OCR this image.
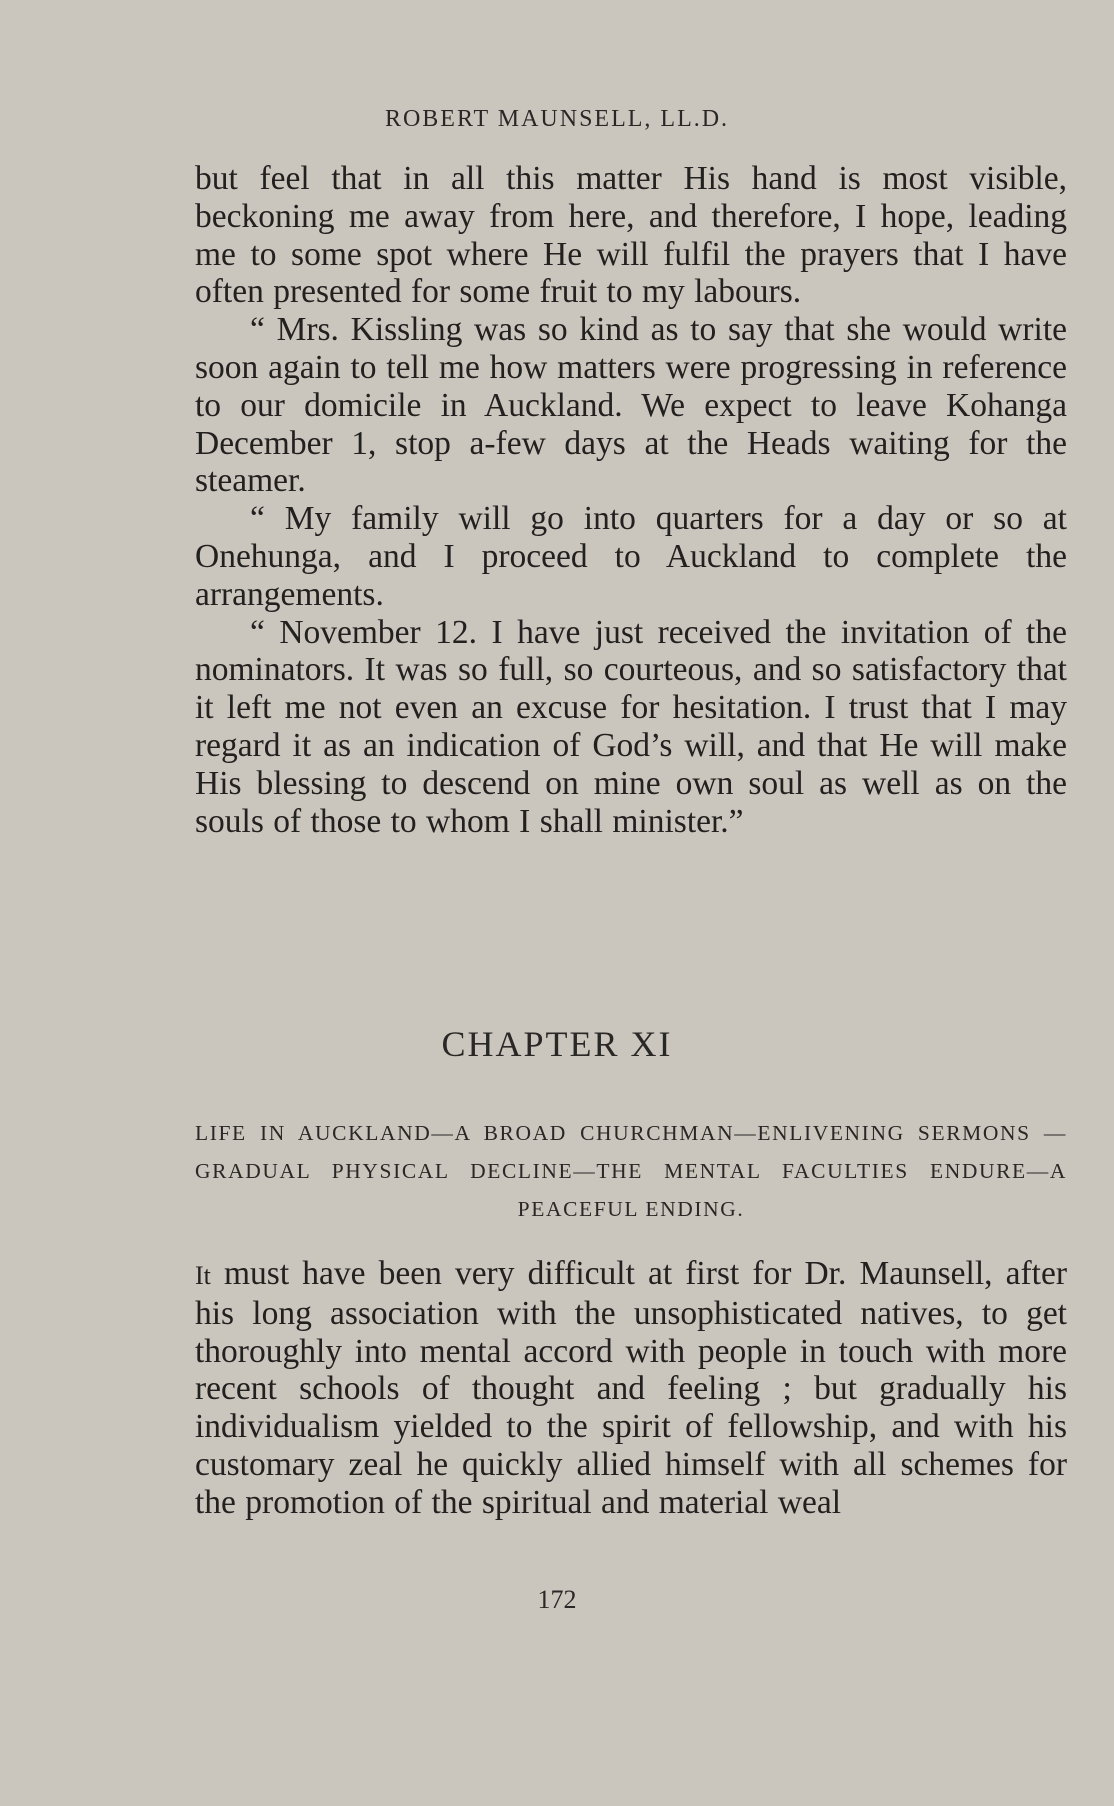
ROBERT MAUNSELL, LL.D.

but feel that in all this matter His hand is most visible, beckoning me away from here, and therefore, I hope, leading me to some spot where He will fulfil the prayers that I have often presented for some fruit to my labours.

“ Mrs. Kissling was so kind as to say that she would write soon again to tell me how matters were progressing in reference to our domicile in Auckland. We expect to leave Kohanga December 1, stop a-few days at the Heads waiting for the steamer.

“ My family will go into quarters for a day or so at Onehunga, and I proceed to Auckland to complete the arrangements.

“ November 12. I have just received the invitation of the nominators. It was so full, so courteous, and so satisfactory that it left me not even an excuse for hesitation. I trust that I may regard it as an indication of God’s will, and that He will make His blessing to descend on mine own soul as well as on the souls of those to whom I shall minister.”

CHAPTER XI
LIFE IN AUCKLAND—A BROAD CHURCHMAN—ENLIVENING SERMONS — GRADUAL PHYSICAL DECLINE—THE MENTAL FACULTIES ENDURE—A PEACEFUL ENDING.

It must have been very difficult at first for Dr. Maunsell, after his long association with the unsophisticated natives, to get thoroughly into mental accord with people in touch with more recent schools of thought and feeling ; but gradually his individualism yielded to the spirit of fellowship, and with his customary zeal he quickly allied himself with all schemes for the promotion of the spiritual and material weal

172
